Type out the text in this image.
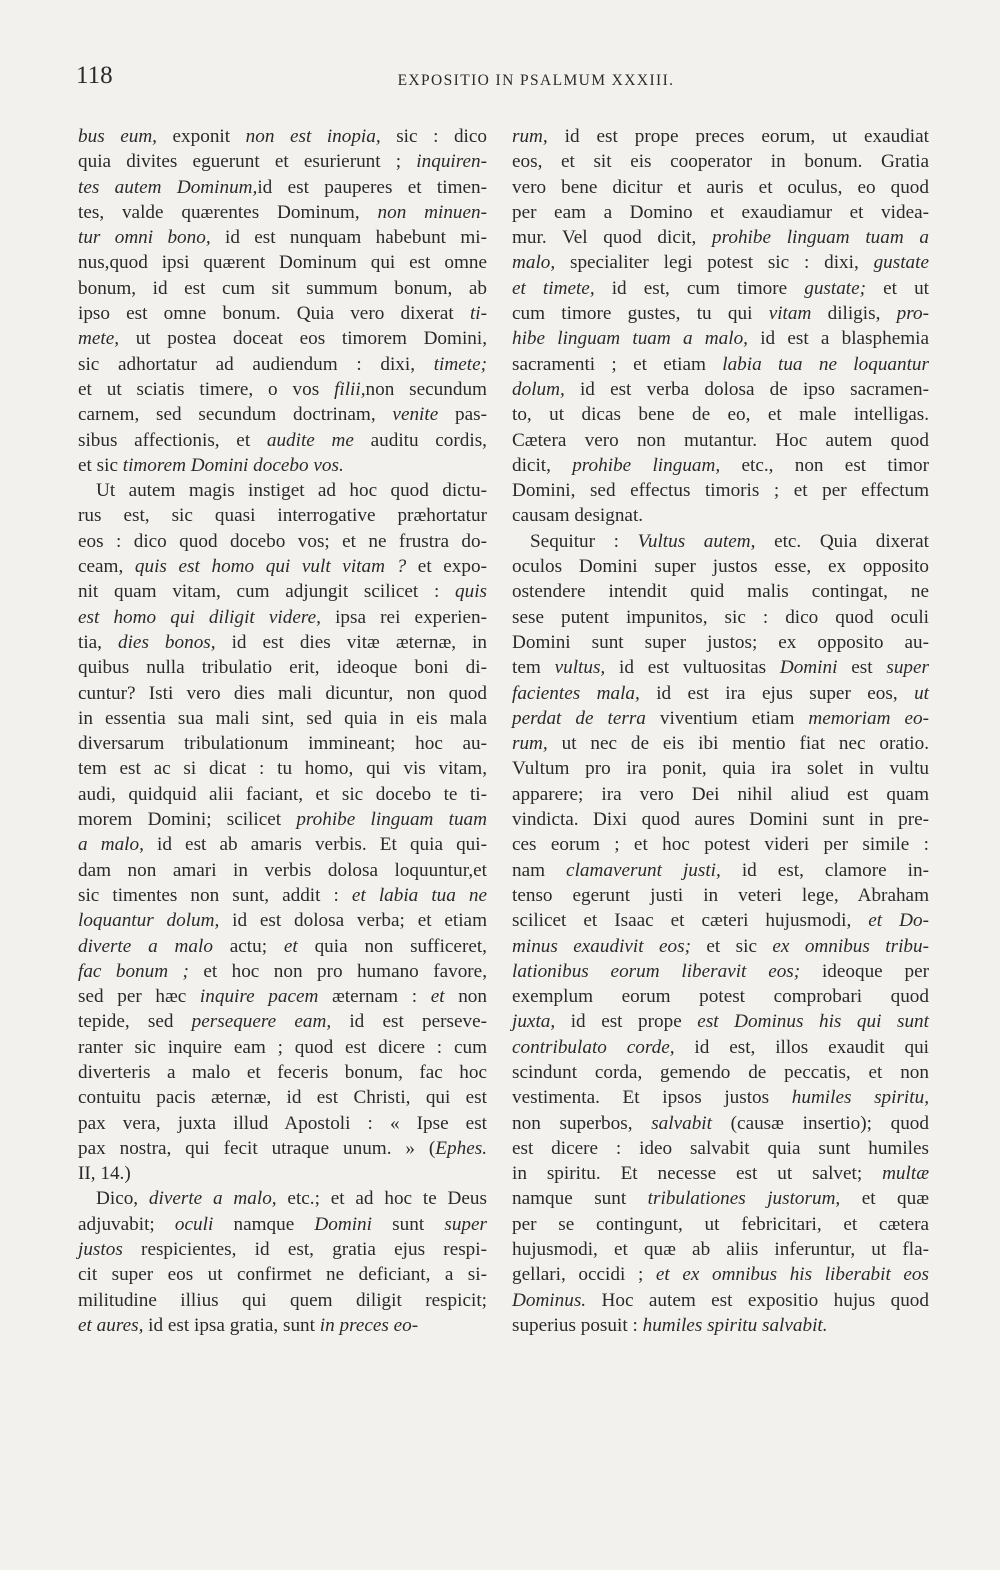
118	EXPOSITIO IN PSALMUM XXXIII.
bus eum, exponit non est inopia, sic : dico
quia divites eguerunt et esurierunt ; inquiren-
tes autem Dominum,id est pauperes et timen-
tes, valde quærentes Dominum, non minuen-
tur omni bono, id est nunquam habebunt mi-
nus,quod ipsi quærent Dominum qui est omne
bonum, id est cum sit summum bonum, ab
ipso est omne bonum. Quia vero dixerat ti-
mete, ut postea doceat eos timorem Domini,
sic adhortatur ad audiendum : dixi, timete;
et ut sciatis timere, o vos filii,non secundum
carnem, sed secundum doctrinam, venite pas-
sibus affectionis, et audite me auditu cordis,
et sic timorem Domini docebo vos.
Ut autem magis instiget ad hoc quod dictu-
rus est, sic quasi interrogative præhortatur
eos : dico quod docebo vos; et ne frustra do-
ceam, quis est homo qui vult vitam ? et expo-
nit quam vitam, cum adjungit scilicet : quis
est homo qui diligit videre, ipsa rei experien-
tia, dies bonos, id est dies vitæ æternæ, in
quibus nulla tribulatio erit, ideoque boni di-
cuntur? Isti vero dies mali dicuntur, non quod
in essentia sua mali sint, sed quia in eis mala
diversarum tribulationum immineant; hoc au-
tem est ac si dicat : tu homo, qui vis vitam,
audi, quidquid alii faciant, et sic docebo te ti-
morem Domini; scilicet prohibe linguam tuam
a malo, id est ab amaris verbis. Et quia qui-
dam non amari in verbis dolosa loquuntur,et
sic timentes non sunt, addit : et labia tua ne
loquantur dolum, id est dolosa verba; et etiam
diverte a malo actu; et quia non sufficeret,
fac bonum ; et hoc non pro humano favore,
sed per hæc inquire pacem æternam : et non
tepide, sed persequere eam, id est perseve-
ranter sic inquire eam ; quod est dicere : cum
diverteris a malo et feceris bonum, fac hoc
contuitu pacis æternæ, id est Christi, qui est
pax vera, juxta illud Apostoli : « Ipse est
pax nostra, qui fecit utraque unum. » (Ephes.
II, 14.)
Dico, diverte a malo, etc.; et ad hoc te Deus
adjuvabit; oculi namque Domini sunt super
justos respicientes, id est, gratia ejus respi-
cit super eos ut confirmet ne deficiant, a si-
militudine illius qui quem diligit respicit;
et aures, id est ipsa gratia, sunt in preces eo-
rum, id est prope preces eorum, ut exaudiat
eos, et sit eis cooperator in bonum. Gratia
vero bene dicitur et auris et oculus, eo quod
per eam a Domino et exaudiamur et videa-
mur. Vel quod dicit, prohibe linguam tuam a
malo, specialiter legi potest sic : dixi, gustate
et timete, id est, cum timore gustate; et ut
cum timore gustes, tu qui vitam diligis, pro-
hibe linguam tuam a malo, id est a blasphemia
sacramenti ; et etiam labia tua ne loquantur
dolum, id est verba dolosa de ipso sacramen-
to, ut dicas bene de eo, et male intelligas.
Cætera vero non mutantur. Hoc autem quod
dicit, prohibe linguam, etc., non est timor
Domini, sed effectus timoris ; et per effectum
causam designat.
Sequitur : Vultus autem, etc. Quia dixerat
oculos Domini super justos esse, ex opposito
ostendere intendit quid malis contingat, ne
sese putent impunitos, sic : dico quod oculi
Domini sunt super justos; ex opposito au-
tem vultus, id est vultuositas Domini est super
facientes mala, id est ira ejus super eos, ut
perdat de terra viventium etiam memoriam eo-
rum, ut nec de eis ibi mentio fiat nec oratio.
Vultum pro ira ponit, quia ira solet in vultu
apparere; ira vero Dei nihil aliud est quam
vindicta. Dixi quod aures Domini sunt in pre-
ces eorum ; et hoc potest videri per simile :
nam clamaverunt justi, id est, clamore in-
tenso egerunt justi in veteri lege, Abraham
scilicet et Isaac et cæteri hujusmodi, et Do-
minus exaudivit eos; et sic ex omnibus tribu-
lationibus eorum liberavit eos; ideoque per
exemplum eorum potest comprobari quod
juxta, id est prope est Dominus his qui sunt
contribulato corde, id est, illos exaudit qui
scindunt corda, gemendo de peccatis, et non
vestimenta. Et ipsos justos humiles spiritu,
non superbos, salvabit (causæ insertio); quod
est dicere : ideo salvabit quia sunt humiles
in spiritu. Et necesse est ut salvet; multæ
namque sunt tribulationes justorum, et quæ
per se contingunt, ut febricitari, et cætera
hujusmodi, et quæ ab aliis inferuntur, ut fla-
gellari, occidi ; et ex omnibus his liberabit eos
Dominus. Hoc autem est expositio hujus quod
superius posuit : humiles spiritu salvabit.
